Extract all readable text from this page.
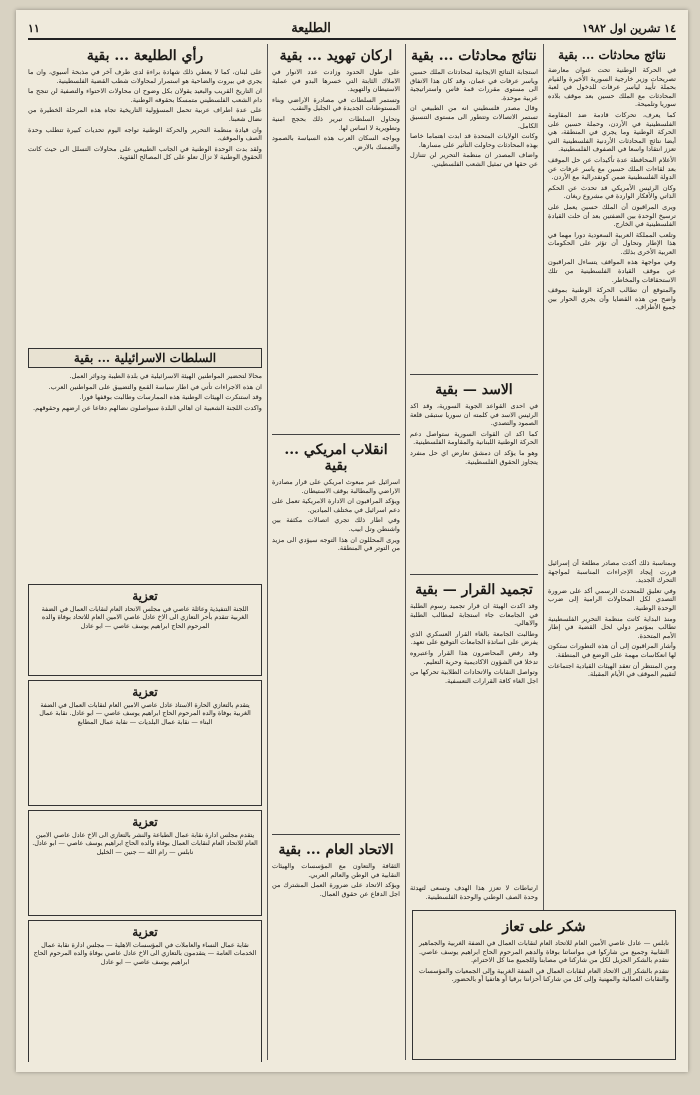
١٤ تشرين اول ١٩٨٢
الطليعة
١١
نتائج محادثات ... بقية

في الحركة الوطنية تحت عنوان معارضة تصريحات وزير خارجية السورية الأخيرة والقيام بحملة تأييد لياسر عرفات للدخول في لعبة المحادثات مع الملك حسين بعد موقف بلاده سوريا وتلميحة.

كما يعرف، تحركات قادمة ضد المقاومة الفلسطينية في الأردن، وحملة حسين على الحركة الوطنية وما يجري في المنطقة، هي أيضا نتائج المحادثات الأردنية الفلسطينية التي تعزز انتقادا واسعا في الصفوف الفلسطينية.

الأعلام المحافظة عدة تأكيدات عن حل الموقف بعد لقاءات الملك حسين مع ياسر عرفات عن الدولة الفلسطينية ضمن كونفدرالية مع الأردن.

وكان الرئيس الأمريكي قد تحدث عن الحكم الذاتي والأفكار الواردة في مشروع ريغان.

ويرى المراقبون أن الملك حسين يعمل على ترسيخ الوحدة بين الضفتين بعد أن حلت القيادة الفلسطينية في الخارج.

وتلعب المملكة العربية السعودية دورا مهما في هذا الإطار وتحاول أن تؤثر على الحكومات العربية الأخرى بذلك.

وفي مواجهة هذه المواقف يتساءل المراقبون عن موقف القيادة الفلسطينية من تلك الاستحقاقات والمخاطر.

والمتوقع أن تطالب الحركة الوطنية بموقف واضح من هذه القضايا وأن يجري الحوار بين جميع الأطراف.

وبمناسبة ذلك أكدت مصادر مطلعة أن إسرائيل قررت إيجاد الإجراءات المناسبة لمواجهة التحرك الجديد.

وفي تعليق للمتحدث الرسمي أكد على ضرورة التصدي لكل المحاولات الرامية إلى ضرب الوحدة الوطنية.

ومنذ البداية كانت منظمة التحرير الفلسطينية تطالب بمؤتمر دولي لحل القضية في إطار الأمم المتحدة.

وأشار المراقبون إلى أن هذه التطورات ستكون لها انعكاسات مهمة على الوضع في المنطقة.

ومن المنتظر أن تعقد الهيئات القيادية اجتماعات لتقييم الموقف في الأيام المقبلة.

شكر على تعاز

نابلس — عادل عاصي الأمين العام للاتحاد العام لنقابات العمال في الضفة الغربية والجماهير النقابية وجميع من شاركوا في مواساتنا بوفاة والدهم المرحوم الحاج ابراهيم يوسف عاصي. نتقدم بالشكر الجزيل لكل من شاركنا في مصابنا وللجميع منا كل الاحترام.

نتقدم بالشكر إلى الاتحاد العام لنقابات العمال في الضفة الغربية وإلى الجمعيات والمؤسسات والنقابات العمالية والمهنية وإلى كل من شاركنا أحزاننا برقيا أو هاتفيا أو بالحضور.

نتائج محادثات ... بقية

استجابة النتائج الايجابية لمحادثات الملك حسين وياسر عرفات في عمان، وقد كان هذا الاتفاق الى مستوى مقررات قمة فاس واستراتيجية عربية موحدة.

وقال مصدر فلسطيني انه من الطبيعي ان تستمر الاتصالات وتتطور الى مستوى التنسيق الكامل.

وكانت الولايات المتحدة قد ابدت اهتماما خاصا بهذه المحادثات وحاولت التأثير على مسارها.

واضاف المصدر ان منظمة التحرير لن تتنازل عن حقها في تمثيل الشعب الفلسطيني.

الاسد — بقية

في احدى القواعد الجوية السورية، وقد اكد الرئيس الاسد في كلمته ان سوريا ستبقى قلعة الصمود والتصدي.

كما اكد ان القوات السورية ستواصل دعم الحركة الوطنية اللبنانية والمقاومة الفلسطينية.

وهو ما يؤكد ان دمشق تعارض اي حل منفرد يتجاوز الحقوق الفلسطينية.

تجميد القرار — بقية

وقد اكدت الهيئة ان قرار تجميد رسوم الطلبة في الجامعات جاء استجابة لمطالب الطلبة والاهالي.

وطالبت الجامعة بالغاء القرار العسكري الذي يفرض على اساتذة الجامعات التوقيع على تعهد.

وقد رفض المحاضرون هذا القرار واعتبروه تدخلا في الشؤون الاكاديمية وحرية التعليم.

وتواصل النقابات والاتحادات الطلابية تحركها من اجل الغاء كافة القرارات التعسفية.

ارتباطات لا تعزز هذا الهدف وتسعى لتهدئة وحدة الصف الوطني والوحدة الفلسطينية.
اركان تهويد ... بقية

على طول الحدود وزادت عدد الانوار في الاملاك الثابتة التي خسرها البدو في عملية الاستيطان والتهويد.

وتستمر السلطات في مصادرة الاراضي وبناء المستوطنات الجديدة في الجليل والنقب.

وتحاول السلطات تبرير ذلك بحجج امنية وتطويرية لا اساس لها.

ويواجه السكان العرب هذه السياسة بالصمود والتمسك بالارض.

انقلاب امريكي ... بقية

اسرائيل عبر مبعوث امريكي على قرار مصادرة الاراضي والمطالبة بوقف الاستيطان.

ويؤكد المراقبون ان الادارة الامريكية تعمل على دعم اسرائيل في مختلف الميادين.

وفي اطار ذلك تجري اتصالات مكثفة بين واشنطن وتل ابيب.

ويرى المحللون ان هذا التوجه سيؤدي الى مزيد من التوتر في المنطقة.

الاتحاد العام ... بقية

الثقافة والتعاون مع المؤسسات والهيئات النقابية في الوطن والعالم العربي.

ويؤكد الاتحاد على ضرورة العمل المشترك من اجل الدفاع عن حقوق العمال.

رأي الطليعة ... بقية

على لبنان، كما لا يعطي ذلك شهادة براءة لدى طرف آخر في مذبحة أسيوي، وان ما يجري في بيروت والضاحية هو استمرار لمحاولات شطب القضية الفلسطينية.

ان التاريخ القريب والبعيد يقولان بكل وضوح ان محاولات الاحتواء والتصفية لن تنجح ما دام الشعب الفلسطيني متمسكا بحقوقه الوطنية.

على عدة اطراف عربية تحمل المسؤولية التاريخية تجاه هذه المرحلة الخطيرة من نضال شعبنا.

وان قيادة منظمة التحرير والحركة الوطنية تواجه اليوم تحديات كبيرة تتطلب وحدة الصف والموقف.

ولقد بدت الوحدة الوطنية في الجانب الطبيعي على محاولات التسلل الى حيث كانت الحقوق الوطنية لا تزال تعلو على كل المصالح الفئوية.

السلطات الاسرائيلية ... بقية

محالا لتحضير المواطنين الهيئة الاسرائيلية في بلدة الطيبة ودوائر العمل.

ان هذه الاجراءات تأتي في اطار سياسة القمع والتضييق على المواطنين العرب.

وقد استنكرت الهيئات الوطنية هذه الممارسات وطالبت بوقفها فورا.

واكدت اللجنة الشعبية ان اهالي البلدة سيواصلون نضالهم دفاعا عن ارضهم وحقوقهم.

تعزية
اللجنة التنفيذية وعائلة عاصي في مجلس الاتحاد العام لنقابات العمال في الضفة الغربية تتقدم بأحر التعازي الى الاخ عادل عاصي الامين العام للاتحاد بوفاة والده المرحوم الحاج ابراهيم يوسف عاصي — ابو عادل
تعزية
يتقدم بالتعازي الحارة الاستاذ عادل عاصي الامين العام لنقابات العمال في الضفة الغربية بوفاة والده المرحوم الحاج ابراهيم يوسف عاصي — ابو عادل. نقابة عمال البناء — نقابة عمال البلديات — نقابة عمال المطابع
تعزية
يتقدم مجلس ادارة نقابة عمال الطباعة والنشر بالتعازي الى الاخ عادل عاصي الامين العام للاتحاد العام لنقابات العمال بوفاة والده الحاج ابراهيم يوسف عاصي — ابو عادل. نابلس — رام الله — جنين — الخليل
تعزية
نقابة عمال النساء والعاملات في المؤسسات الاهلية — مجلس ادارة نقابة عمال الخدمات العامة — يتقدمون بالتعازي الى الاخ عادل عاصي بوفاة والده المرحوم الحاج ابراهيم يوسف عاصي — ابو عادل
